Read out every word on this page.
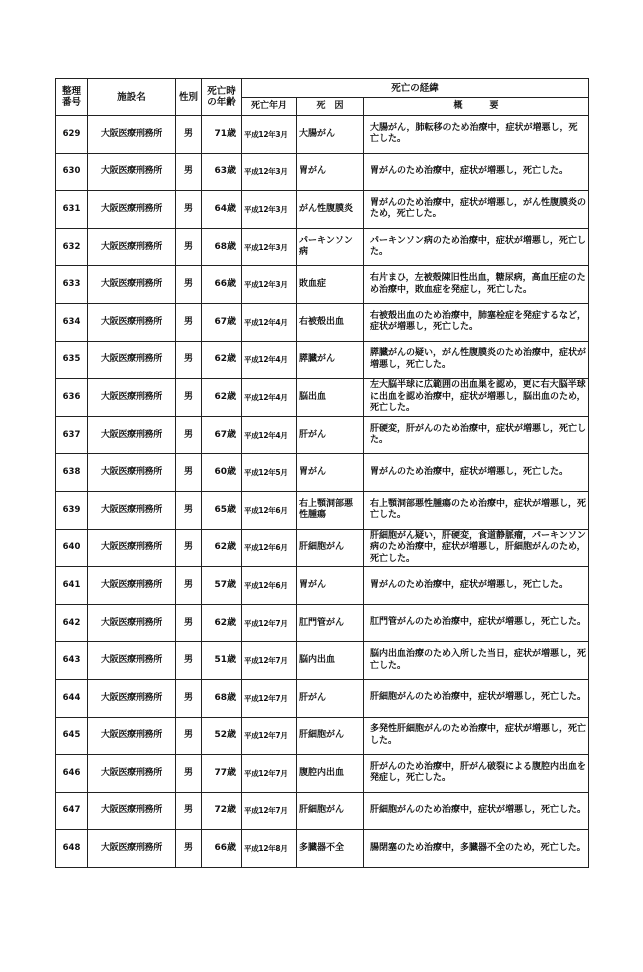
整理番号	施設名	性別	死亡時の年齢	死亡の経緯		
				死亡年月	死　因	概　　　要
629	大阪医療刑務所	男	71歳	平成12年3月	大腸がん	大腸がん，肺転移のため治療中，症状が増悪し，死亡した。
630	大阪医療刑務所	男	63歳	平成12年3月	胃がん	胃がんのため治療中，症状が増悪し，死亡した。
631	大阪医療刑務所	男	64歳	平成12年3月	がん性腹膜炎	胃がんのため治療中，症状が増悪し，がん性腹膜炎のため，死亡した。
632	大阪医療刑務所	男	68歳	平成12年3月	パーキンソン病	パーキンソン病のため治療中，症状が増悪し，死亡した。
633	大阪医療刑務所	男	66歳	平成12年3月	敗血症	右片まひ，左被殻陳旧性出血，糖尿病，高血圧症のため治療中，敗血症を発症し，死亡した。
634	大阪医療刑務所	男	67歳	平成12年4月	右被殻出血	右被殻出血のため治療中，肺塞栓症を発症するなど，症状が増悪し，死亡した。
635	大阪医療刑務所	男	62歳	平成12年4月	膵臓がん	膵臓がんの疑い，がん性腹膜炎のため治療中，症状が増悪し，死亡した。
636	大阪医療刑務所	男	62歳	平成12年4月	脳出血	左大脳半球に広範囲の出血巣を認め，更に右大脳半球に出血を認め治療中，症状が増悪し，脳出血のため，死亡した。
637	大阪医療刑務所	男	67歳	平成12年4月	肝がん	肝硬変，肝がんのため治療中，症状が増悪し，死亡した。
638	大阪医療刑務所	男	60歳	平成12年5月	胃がん	胃がんのため治療中，症状が増悪し，死亡した。
639	大阪医療刑務所	男	65歳	平成12年6月	右上顎洞部悪性腫瘍	右上顎洞部悪性腫瘍のため治療中，症状が増悪し，死亡した。
640	大阪医療刑務所	男	62歳	平成12年6月	肝細胞がん	肝細胞がん疑い，肝硬変，食道静脈瘤，パーキンソン病のため治療中，症状が増悪し，肝細胞がんのため，死亡した。
641	大阪医療刑務所	男	57歳	平成12年6月	胃がん	胃がんのため治療中，症状が増悪し，死亡した。
642	大阪医療刑務所	男	62歳	平成12年7月	肛門管がん	肛門管がんのため治療中，症状が増悪し，死亡した。
643	大阪医療刑務所	男	51歳	平成12年7月	脳内出血	脳内出血治療のため入所した当日，症状が増悪し，死亡した。
644	大阪医療刑務所	男	68歳	平成12年7月	肝がん	肝細胞がんのため治療中，症状が増悪し，死亡した。
645	大阪医療刑務所	男	52歳	平成12年7月	肝細胞がん	多発性肝細胞がんのため治療中，症状が増悪し，死亡した。
646	大阪医療刑務所	男	77歳	平成12年7月	腹腔内出血	肝がんのため治療中，肝がん破裂による腹腔内出血を発症し，死亡した。
647	大阪医療刑務所	男	72歳	平成12年7月	肝細胞がん	肝細胞がんのため治療中，症状が増悪し，死亡した。
648	大阪医療刑務所	男	66歳	平成12年8月	多臓器不全	腸閉塞のため治療中，多臓器不全のため，死亡した。
